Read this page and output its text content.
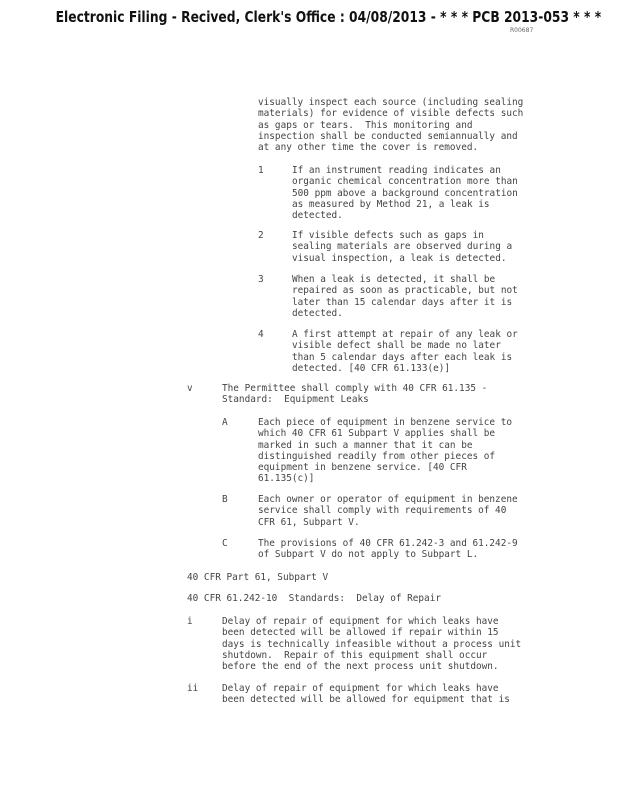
Electronic Filing - Recived, Clerk's Office : 04/08/2013 - * * * PCB 2013-053 * * *
R00687
visually inspect each source (including sealing
materials) for evidence of visible defects such
as gaps or tears.  This monitoring and
inspection shall be conducted semiannually and
at any other time the cover is removed.
1	If an instrument reading indicates an
organic chemical concentration more than
500 ppm above a background concentration
as measured by Method 21, a leak is
detected.
2	If visible defects such as gaps in
sealing materials are observed during a
visual inspection, a leak is detected.
3	When a leak is detected, it shall be
repaired as soon as practicable, but not
later than 15 calendar days after it is
detected.
4	A first attempt at repair of any leak or
visible defect shall be made no later
than 5 calendar days after each leak is
detected. [40 CFR 61.133(e)]
v	The Permittee shall comply with 40 CFR 61.135 -
Standard:  Equipment Leaks
A	Each piece of equipment in benzene service to
which 40 CFR 61 Subpart V applies shall be
marked in such a manner that it can be
distinguished readily from other pieces of
equipment in benzene service. [40 CFR
61.135(c)]
B	Each owner or operator of equipment in benzene
service shall comply with requirements of 40
CFR 61, Subpart V.
C	The provisions of 40 CFR 61.242-3 and 61.242-9
of Subpart V do not apply to Subpart L.
40 CFR Part 61, Subpart V
40 CFR 61.242-10  Standards:  Delay of Repair
i	Delay of repair of equipment for which leaks have
been detected will be allowed if repair within 15
days is technically infeasible without a process unit
shutdown.  Repair of this equipment shall occur
before the end of the next process unit shutdown.
ii	Delay of repair of equipment for which leaks have
been detected will be allowed for equipment that is
